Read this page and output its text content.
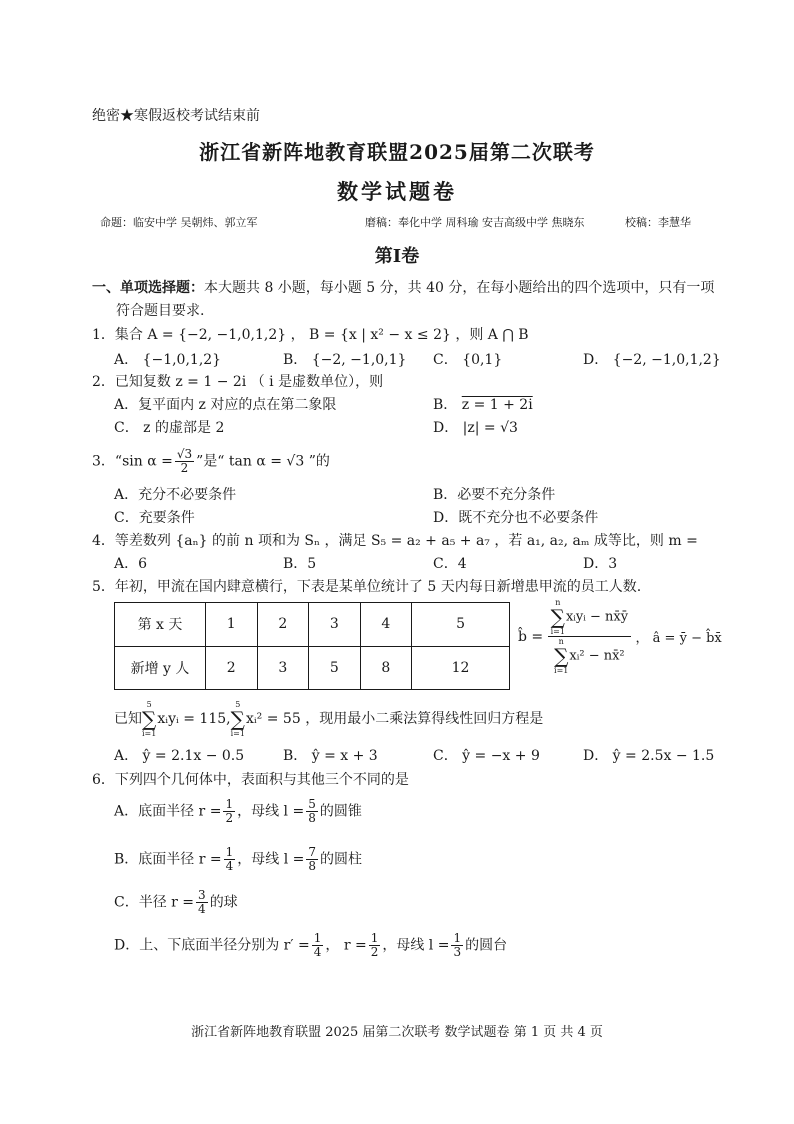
绝密★寒假返校考试结束前
浙江省新阵地教育联盟2025届第二次联考
数学试题卷
命题：临安中学 吴朝炜、郭立军	磨稿：奉化中学 周科瑜 安吉高级中学 焦晓东	校稿：李慧华
第Ⅰ卷
一、单项选择题：本大题共 8 小题，每小题 5 分，共 40 分，在每小题给出的四个选项中，只有一项
符合题目要求.
1．集合 A = {−2, −1,0,1,2} ， B = {x | x² − x ≤ 2} ，则 A ⋂ B
A． {−1,0,1,2}	B． {−2, −1,0,1} C． {0,1}	D． {−2, −1,0,1,2}
2．已知复数 z = 1 − 2i （ i 是虚数单位），则
A．复平面内 z 对应的点在第二象限	B． z = 1 + 2i
C． z 的虚部是 2	D． |z| = √3
3．“sin $\alpha = \frac{√3}{2}$ ”是“ tan α = √3 ”的
A．充分不必要条件	B．必要不充分条件
C．充要条件	D．既不充分也不必要条件
4．等差数列 {aₙ} 的前 n 项和为 Sₙ ，满足 S₅ = a₂ + a₅ + a₇ ，若 a₁, a₂, aₘ 成等比，则 m =
A．6	B．5	C．4	D．3
5．年初，甲流在国内肆意横行，下表是某单位统计了 5 天内每日新增患甲流的员工人数.
第 x 天	1	2	3	4	5
新增 y 人	2	3	5	8	12
b̂ =
n
∑
i=1
xᵢyᵢ − nx̄ȳ
n
∑
i=1
xᵢ² − nx̄²
， â = ȳ − b̂x̄
已知
5
∑
i=1
xᵢyᵢ = 115,
5
∑
i=1
xᵢ² = 55 ，现用最小二乘法算得线性回归方程是
A． ŷ = 2.1x − 0.5	B． ŷ = x + 3	C． ŷ = −x + 9	D． ŷ = 2.5x − 1.5
6．下列四个几何体中，表面积与其他三个不同的是
A．底面半径 $r = \frac{1}{2}$ ，母线 $l = \frac{5}{8}$ 的圆锥
B．底面半径 $r = \frac{1}{4}$ ，母线 $l = \frac{7}{8}$ 的圆柱
C．半径 $r = \frac{3}{4}$ 的球
D．上、下底面半径分别为 $r' = \frac{1}{4}$ ， $r = \frac{1}{2}$ ，母线 $l = \frac{1}{3}$ 的圆台
浙江省新阵地教育联盟 2025 届第二次联考 数学试题卷 第 1 页 共 4 页
